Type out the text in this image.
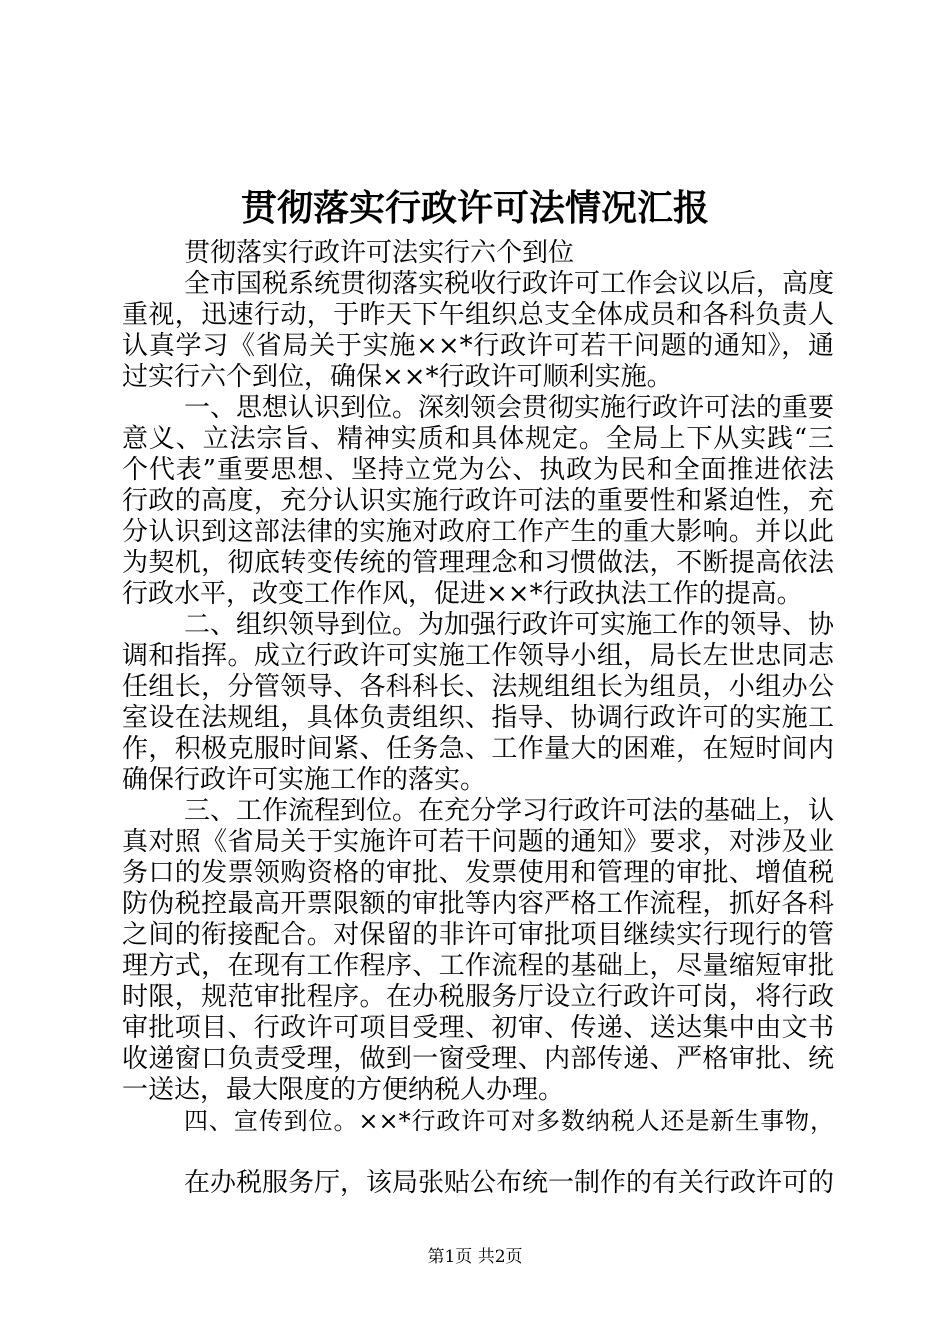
贯彻落实行政许可法情况汇报
贯彻落实行政许可法实行六个到位
全市国税系统贯彻落实税收行政许可工作会议以后，高度
重视，迅速行动，于昨天下午组织总支全体成员和各科负责人
认真学习《省局关于实施××*行政许可若干问题的通知》，通
过实行六个到位，确保××*行政许可顺利实施。
一、思想认识到位。深刻领会贯彻实施行政许可法的重要
意义、立法宗旨、精神实质和具体规定。全局上下从实践“三
个代表”重要思想、坚持立党为公、执政为民和全面推进依法
行政的高度，充分认识实施行政许可法的重要性和紧迫性，充
分认识到这部法律的实施对政府工作产生的重大影响。并以此
为契机，彻底转变传统的管理理念和习惯做法，不断提高依法
行政水平，改变工作作风，促进××*行政执法工作的提高。
二、组织领导到位。为加强行政许可实施工作的领导、协
调和指挥。成立行政许可实施工作领导小组，局长左世忠同志
任组长，分管领导、各科科长、法规组组长为组员，小组办公
室设在法规组，具体负责组织、指导、协调行政许可的实施工
作，积极克服时间紧、任务急、工作量大的困难，在短时间内
确保行政许可实施工作的落实。
三、工作流程到位。在充分学习行政许可法的基础上，认
真对照《省局关于实施许可若干问题的通知》要求，对涉及业
务口的发票领购资格的审批、发票使用和管理的审批、增值税
防伪税控最高开票限额的审批等内容严格工作流程，抓好各科
之间的衔接配合。对保留的非许可审批项目继续实行现行的管
理方式，在现有工作程序、工作流程的基础上，尽量缩短审批
时限，规范审批程序。在办税服务厅设立行政许可岗，将行政
审批项目、行政许可项目受理、初审、传递、送达集中由文书
收递窗口负责受理，做到一窗受理、内部传递、严格审批、统
一送达，最大限度的方便纳税人办理。
四、宣传到位。××*行政许可对多数纳税人还是新生事物，
在办税服务厅，该局张贴公布统一制作的有关行政许可的
第1页 共2页
